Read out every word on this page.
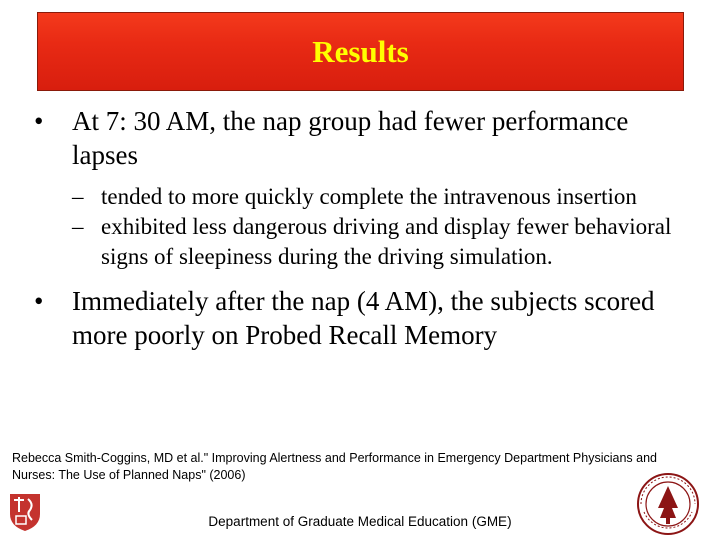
Results
• At 7: 30 AM, the nap group had fewer performance lapses
– tended to more quickly complete the intravenous insertion
– exhibited less dangerous driving and display fewer behavioral signs of sleepiness during the driving simulation.
• Immediately after the nap (4 AM), the subjects scored more poorly on Probed Recall Memory
Rebecca Smith-Coggins, MD et al." Improving Alertness and Performance in Emergency Department Physicians and Nurses: The Use of Planned Naps" (2006)
Department of Graduate Medical Education (GME)
